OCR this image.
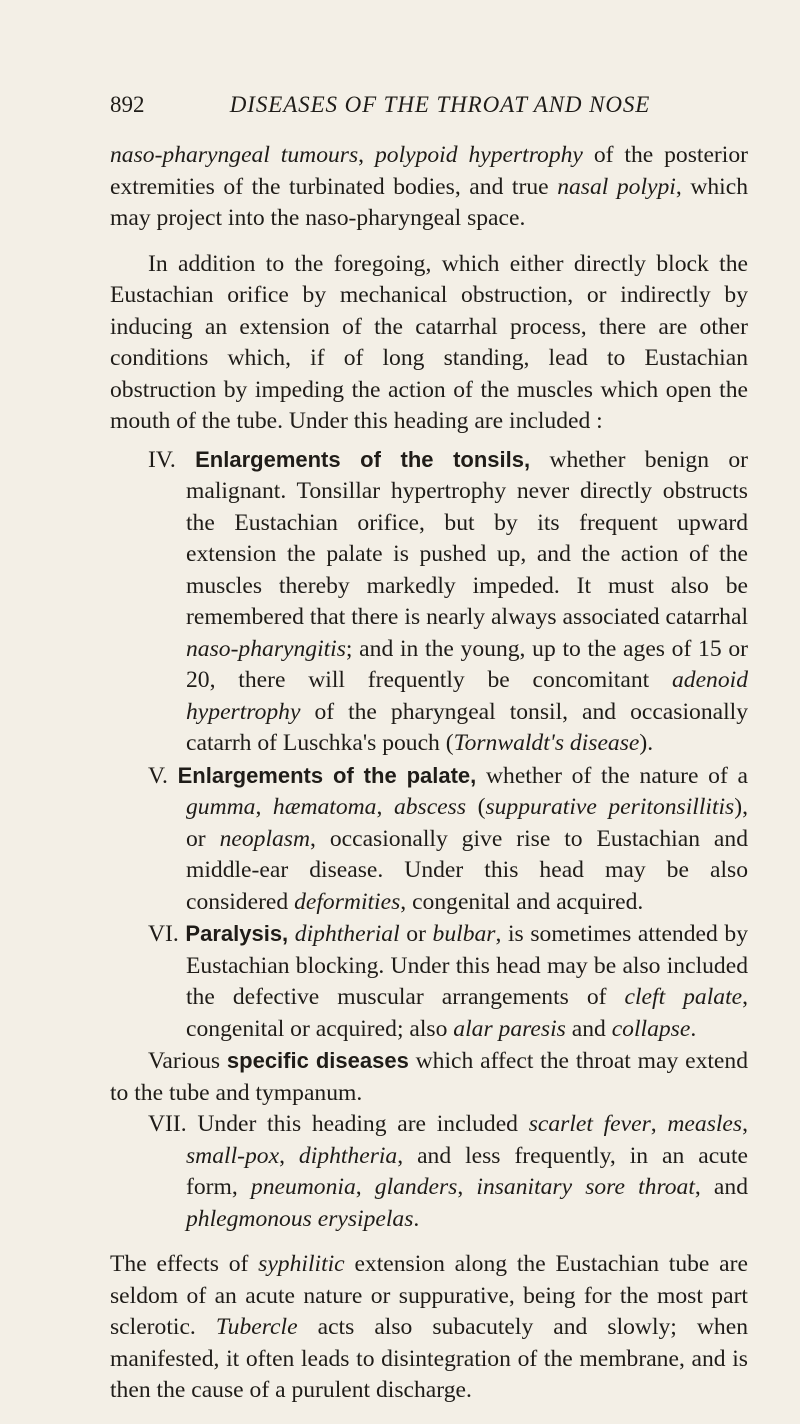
892	DISEASES OF THE THROAT AND NOSE

naso-pharyngeal tumours, polypoid hypertrophy of the posterior extremities of the turbinated bodies, and true nasal polypi, which may project into the naso-pharyngeal space.

In addition to the foregoing, which either directly block the Eustachian orifice by mechanical obstruction, or indirectly by inducing an extension of the catarrhal process, there are other conditions which, if of long standing, lead to Eustachian obstruction by impeding the action of the muscles which open the mouth of the tube. Under this heading are included :

IV. Enlargements of the tonsils, whether benign or malignant. Tonsillar hypertrophy never directly obstructs the Eustachian orifice, but by its frequent upward extension the palate is pushed up, and the action of the muscles thereby markedly impeded. It must also be remembered that there is nearly always associated catarrhal naso-pharyngitis; and in the young, up to the ages of 15 or 20, there will frequently be concomitant adenoid hypertrophy of the pharyngeal tonsil, and occasionally catarrh of Luschka's pouch (Tornwaldt's disease).

V. Enlargements of the palate, whether of the nature of a gumma, hæmatoma, abscess (suppurative peritonsillitis), or neoplasm, occasionally give rise to Eustachian and middle-ear disease. Under this head may be also considered deformities, congenital and acquired.

VI. Paralysis, diphtherial or bulbar, is sometimes attended by Eustachian blocking. Under this head may be also included the defective muscular arrangements of cleft palate, congenital or acquired; also alar paresis and collapse.

Various specific diseases which affect the throat may extend to the tube and tympanum.

VII. Under this heading are included scarlet fever, measles, small-pox, diphtheria, and less frequently, in an acute form, pneumonia, glanders, insanitary sore throat, and phlegmonous erysipelas.

The effects of syphilitic extension along the Eustachian tube are seldom of an acute nature or suppurative, being for the most part sclerotic. Tubercle acts also subacutely and slowly; when manifested, it often leads to disintegration of the membrane, and is then the cause of a purulent discharge.
